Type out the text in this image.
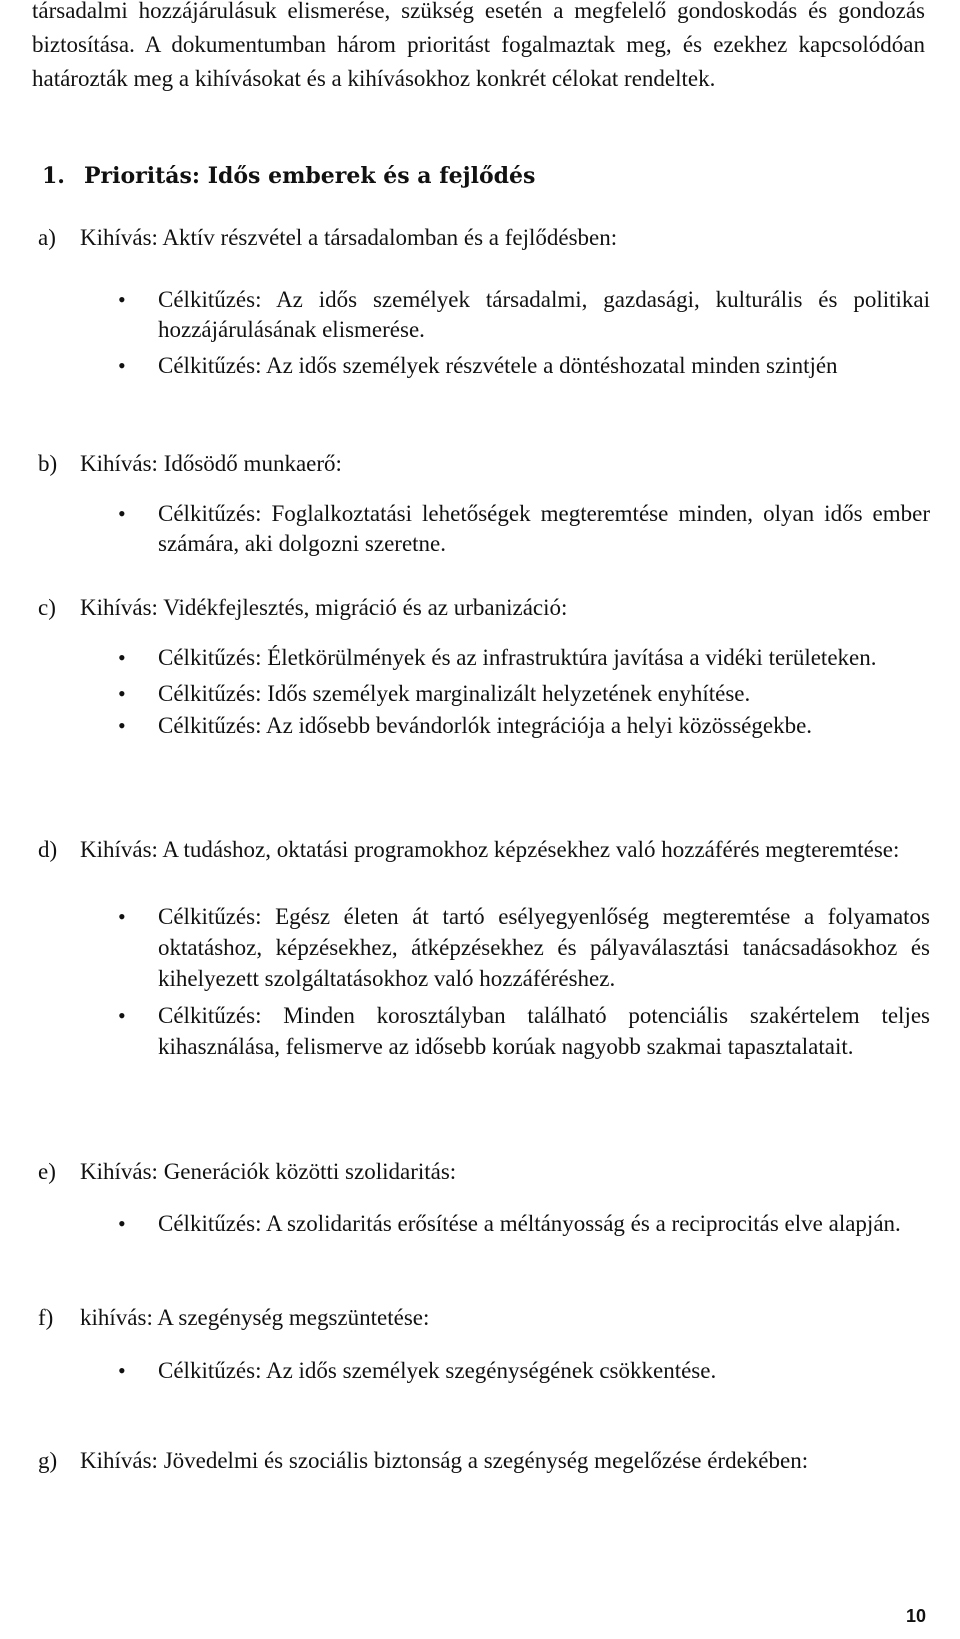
társadalmi hozzájárulásuk elismerése, szükség esetén a megfelelő gondoskodás és gondozás biztosítása. A dokumentumban három prioritást fogalmaztak meg, és ezekhez kapcsolódóan határozták meg a kihívásokat és a kihívásokhoz konkrét célokat rendeltek.

1. Prioritás: Idős emberek és a fejlődés
a)	Kihívás: Aktív részvétel a társadalomban és a fejlődésben:
•	Célkitűzés: Az idős személyek társadalmi, gazdasági, kulturális és politikai hozzájárulásának elismerése.
•	Célkitűzés: Az idős személyek részvétele a döntéshozatal minden szintjén
b) Kihívás: Idősödő munkaerő:
•	Célkitűzés: Foglalkoztatási lehetőségek megteremtése minden, olyan idős ember számára, aki dolgozni szeretne.
c)	Kihívás: Vidékfejlesztés, migráció és az urbanizáció:
•	Célkitűzés: Életkörülmények és az infrastruktúra javítása a vidéki területeken.
•	Célkitűzés: Idős személyek marginalizált helyzetének enyhítése.
•	Célkitűzés: Az idősebb bevándorlók integrációja a helyi közösségekbe.
d) Kihívás: A tudáshoz, oktatási programokhoz képzésekhez való hozzáférés megteremtése:
•	Célkitűzés: Egész életen át tartó esélyegyenlőség megteremtése a folyamatos oktatáshoz, képzésekhez, átképzésekhez és pályaválasztási tanácsadásokhoz és kihelyezett szolgáltatásokhoz való hozzáféréshez.
•	Célkitűzés: Minden korosztályban található potenciális szakértelem teljes kihasználása, felismerve az idősebb korúak nagyobb szakmai tapasztalatait.
e)	Kihívás: Generációk közötti szolidaritás:
•	Célkitűzés: A szolidaritás erősítése a méltányosság és a reciprocitás elve alapján.
f)	kihívás: A szegénység megszüntetése:
•	Célkitűzés: Az idős személyek szegénységének csökkentése.
g) Kihívás: Jövedelmi és szociális biztonság a szegénység megelőzése érdekében:
10
